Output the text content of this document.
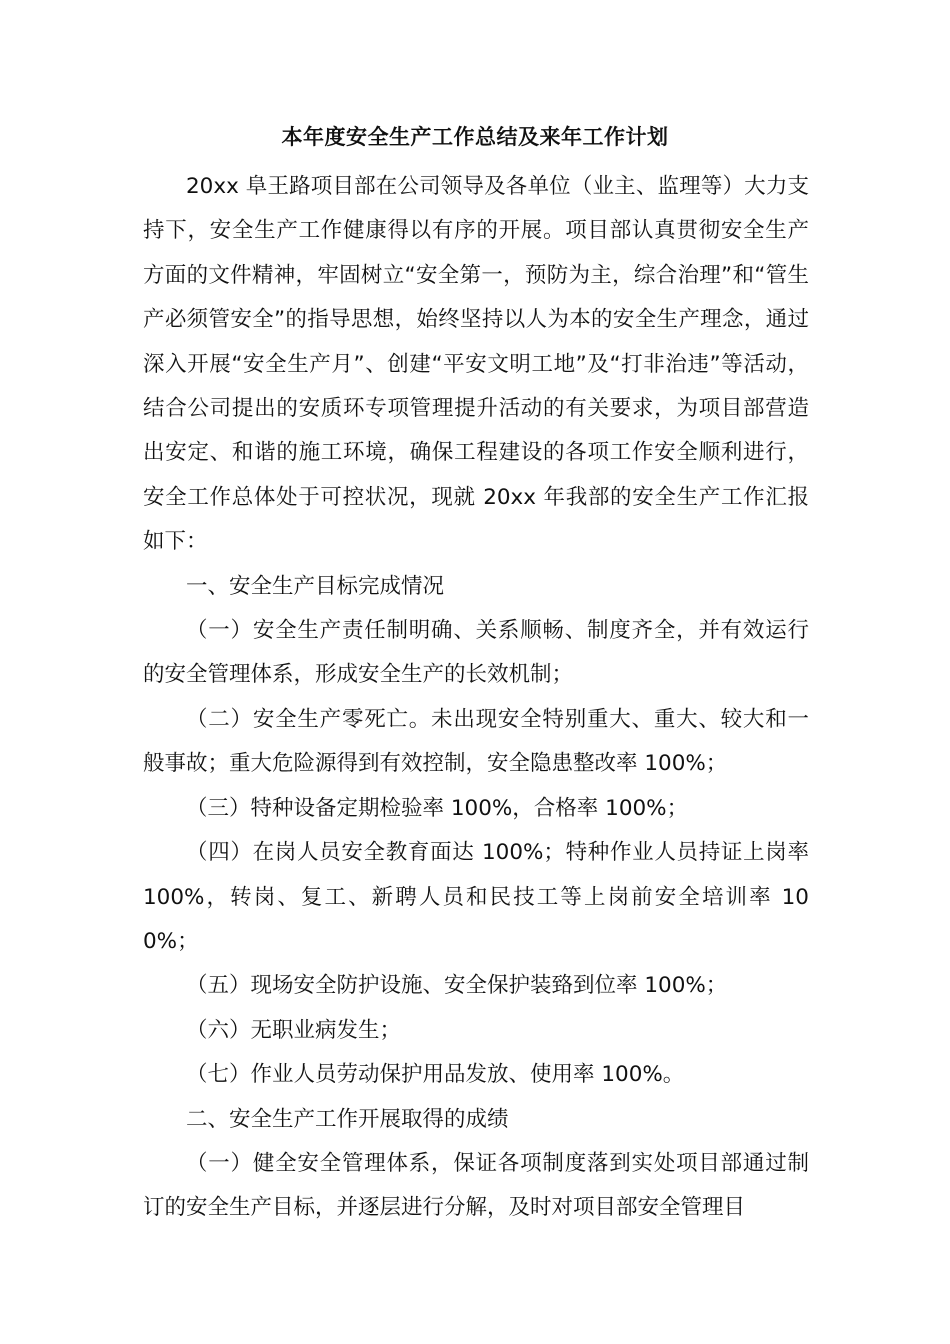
本年度安全生产工作总结及来年工作计划

20xx 阜王路项目部在公司领导及各单位（业主、监理等）大力支持下，安全生产工作健康得以有序的开展。项目部认真贯彻安全生产方面的文件精神，牢固树立“安全第一，预防为主，综合治理”和“管生产必须管安全”的指导思想，始终坚持以人为本的安全生产理念，通过深入开展“安全生产月”、创建“平安文明工地”及“打非治违”等活动，结合公司提出的安质环专项管理提升活动的有关要求，为项目部营造出安定、和谐的施工环境，确保工程建设的各项工作安全顺利进行，安全工作总体处于可控状况，现就 20xx 年我部的安全生产工作汇报如下：

一、安全生产目标完成情况

（一）安全生产责任制明确、关系顺畅、制度齐全，并有效运行的安全管理体系，形成安全生产的长效机制；

（二）安全生产零死亡。未出现安全特别重大、重大、较大和一般事故；重大危险源得到有效控制，安全隐患整改率 100%；

（三）特种设备定期检验率 100%，合格率 100%；

（四）在岗人员安全教育面达 100%；特种作业人员持证上岗率 100%，转岗、复工、新聘人员和民技工等上岗前安全培训率 100%；

（五）现场安全防护设施、安全保护装臵到位率 100%；

（六）无职业病发生；

（七）作业人员劳动保护用品发放、使用率 100%。

二、安全生产工作开展取得的成绩

（一）健全安全管理体系，保证各项制度落到实处项目部通过制订的安全生产目标，并逐层进行分解，及时对项目部安全管理目
